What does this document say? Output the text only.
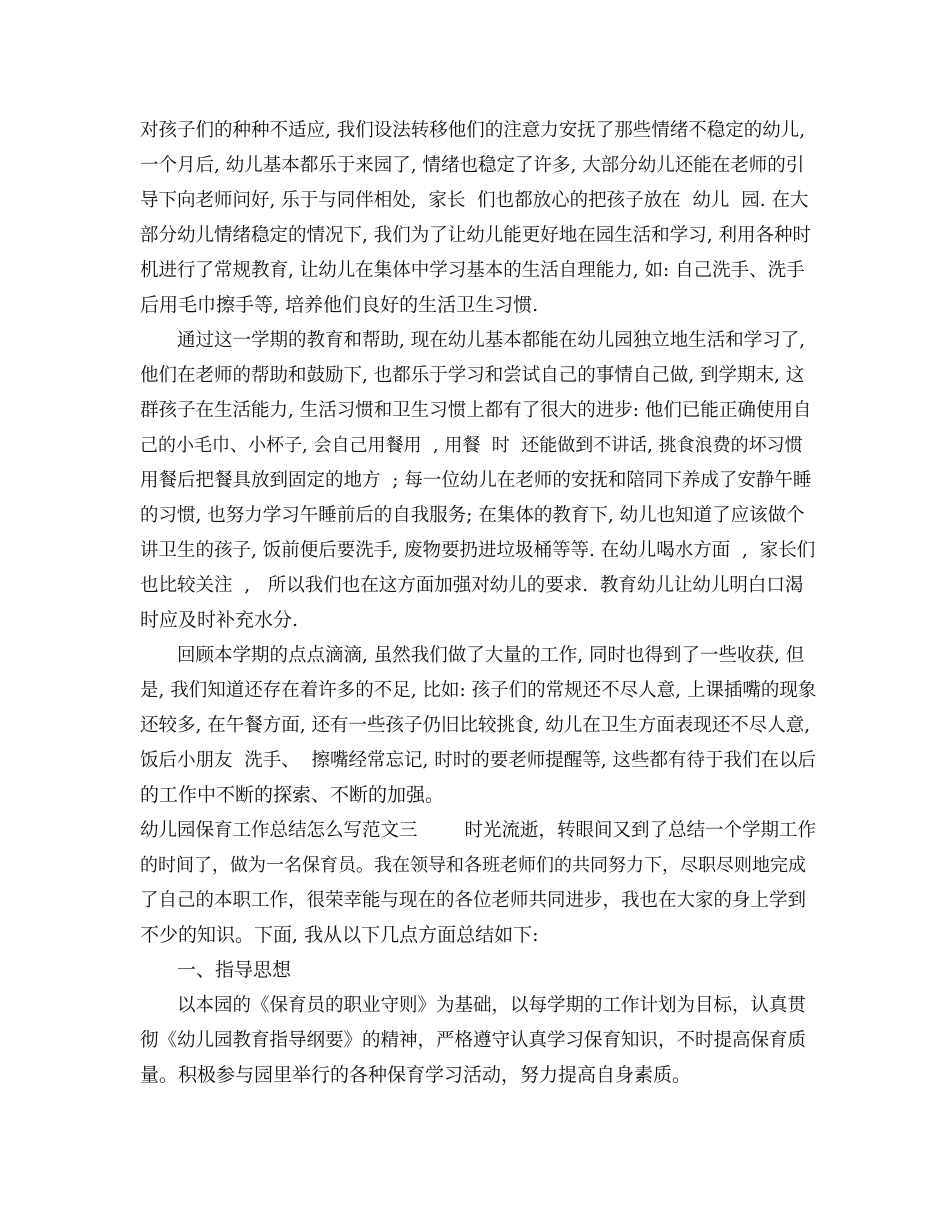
对孩子们的种种不适应, 我们设法转移他们的注意力安抚了那些情绪不稳定的幼儿,
一个月后, 幼儿基本都乐于来园了, 情绪也稳定了许多, 大部分幼儿还能在老师的引
导下向老师问好, 乐于与同伴相处,  家长  们也都放心的把孩子放在  幼儿  园. 在大
部分幼儿情绪稳定的情况下, 我们为了让幼儿能更好地在园生活和学习, 利用各种时
机进行了常规教育, 让幼儿在集体中学习基本的生活自理能力, 如: 自己洗手、洗手
后用毛巾擦手等, 培养他们良好的生活卫生习惯.
通过这一学期的教育和帮助, 现在幼儿基本都能在幼儿园独立地生活和学习了,
他们在老师的帮助和鼓励下, 也都乐于学习和尝试自己的事情自己做, 到学期末, 这
群孩子在生活能力, 生活习惯和卫生习惯上都有了很大的进步: 他们已能正确使用自
己的小毛巾、小杯子, 会自己用餐用  , 用餐  时  还能做到不讲话, 挑食浪费的坏习惯
用餐后把餐具放到固定的地方  ; 每一位幼儿在老师的安抚和陪同下养成了安静午睡
的习惯, 也努力学习午睡前后的自我服务; 在集体的教育下, 幼儿也知道了应该做个
讲卫生的孩子, 饭前便后要洗手, 废物要扔进垃圾桶等等. 在幼儿喝水方面  ,  家长们
也比较关注  ,   所以我们也在这方面加强对幼儿的要求.  教育幼儿让幼儿明白口渴
时应及时补充水分.
回顾本学期的点点滴滴, 虽然我们做了大量的工作, 同时也得到了一些收获, 但
是, 我们知道还存在着许多的不足, 比如: 孩子们的常规还不尽人意, 上课插嘴的现象
还较多, 在午餐方面, 还有一些孩子仍旧比较挑食, 幼儿在卫生方面表现还不尽人意,
饭后小朋友  洗手、  擦嘴经常忘记, 时时的要老师提醒等, 这些都有待于我们在以后
的工作中不断的探索、不断的加强。
幼儿园保育工作总结怎么写范文三        时光流逝，转眼间又到了总结一个学期工作
的时间了，做为一名保育员。我在领导和各班老师们的共同努力下，尽职尽则地完成
了自己的本职工作，很荣幸能与现在的各位老师共同进步，我也在大家的身上学到
不少的知识。下面, 我从以下几点方面总结如下:
一、指导思想
以本园的《保育员的职业守则》为基础，以每学期的工作计划为目标，认真贯
彻《幼儿园教育指导纲要》的精神，严格遵守认真学习保育知识，不时提高保育质
量。积极参与园里举行的各种保育学习活动，努力提高自身素质。
